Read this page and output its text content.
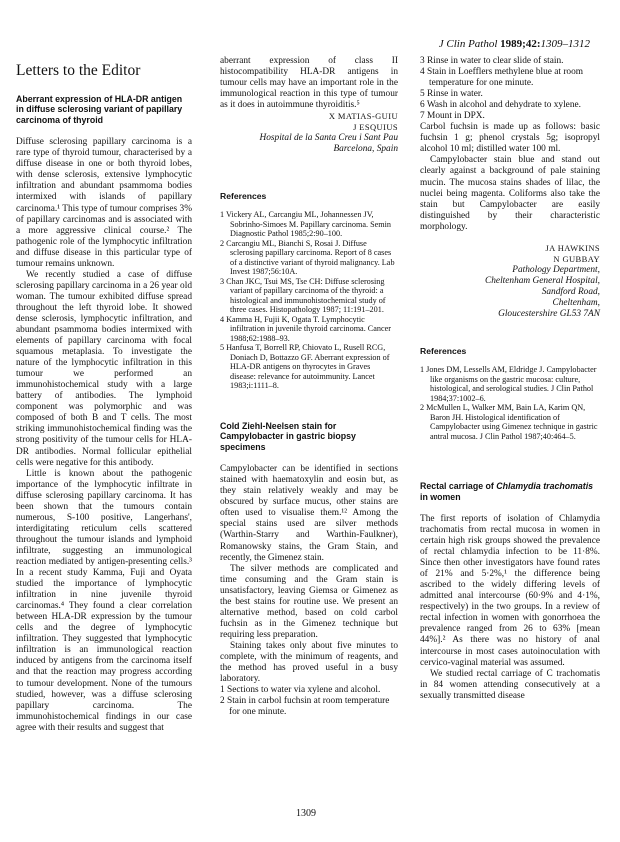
J Clin Pathol 1989;42:1309–1312
Letters to the Editor
Aberrant expression of HLA-DR antigen in diffuse sclerosing variant of papillary carcinoma of thyroid

Diffuse sclerosing papillary carcinoma is a rare type of thyroid tumour, characterised by a diffuse disease in one or both thyroid lobes, with dense sclerosis, extensive lymphocytic infiltration and abundant psammoma bodies intermixed with islands of papillary carcinoma.¹ This type of tumour comprises 3% of papillary carcinomas and is associated with a more aggressive clinical course.² The pathogenic role of the lymphocytic infiltration and diffuse disease in this particular type of tumour remains unknown.

We recently studied a case of diffuse sclerosing papillary carcinoma in a 26 year old woman. The tumour exhibited diffuse spread throughout the left thyroid lobe. It showed dense sclerosis, lymphocytic infiltration, and abundant psammoma bodies intermixed with elements of papillary carcinoma with focal squamous metaplasia. To investigate the nature of the lymphocytic infiltration in this tumour we performed an immunohistochemical study with a large battery of antibodies. The lymphoid component was polymorphic and was composed of both B and T cells. The most striking immunohistochemical finding was the strong positivity of the tumour cells for HLA-DR antibodies. Normal follicular epithelial cells were negative for this antibody.

Little is known about the pathogenic importance of the lymphocytic infiltrate in diffuse sclerosing papillary carcinoma. It has been shown that the tumours contain numerous, S-100 positive, Langerhans', interdigitating reticulum cells scattered throughout the tumour islands and lymphoid infiltrate, suggesting an immunological reaction mediated by antigen-presenting cells.³ In a recent study Kamma, Fuji and Oyata studied the importance of lymphocytic infiltration in nine juvenile thyroid carcinomas.⁴ They found a clear correlation between HLA-DR expression by the tumour cells and the degree of lymphocytic infiltration. They suggested that lymphocytic infiltration is an immunological reaction induced by antigens from the carcinoma itself and that the reaction may progress according to tumour development. None of the tumours studied, however, was a diffuse sclerosing papillary carcinoma. The immunohistochemical findings in our case agree with their results and suggest that

aberrant expression of class II histocompatibility HLA-DR antigens in tumour cells may have an important role in the immunological reaction in this type of tumour as it does in autoimmune thyroiditis.⁵

X MATIAS-GUIU
J ESQUIUS
Hospital de la Santa Creu i Sant Pau
Barcelona, Spain
References

1 Vickery AL, Carcangiu ML, Johannessen JV, Sobrinho-Simoes M. Papillary carcinoma. Semin Diagnostic Pathol 1985;2:90–100.

2 Carcangiu ML, Bianchi S, Rosai J. Diffuse sclerosing papillary carcinoma. Report of 8 cases of a distinctive variant of thyroid malignancy. Lab Invest 1987;56:10A.

3 Chan JKC, Tsui MS, Tse CH: Diffuse sclerosing variant of papillary carcinoma of the thyroid: a histological and immunohistochemical study of three cases. Histopathology 1987; 11:191–201.

4 Kamma H, Fujii K, Ogata T. Lymphocytic infiltration in juvenile thyroid carcinoma. Cancer 1988;62:1988–93.

5 Hanfusa T, Borrell RP, Chiovato L, Rusell RCG, Doniach D, Bottazzo GF. Aberrant expression of HLA-DR antigens on thyrocytes in Graves disease: relevance for autoimmunity. Lancet 1983;i:1111–8.

Cold Ziehl-Neelsen stain for Campylobacter in gastric biopsy specimens

Campylobacter can be identified in sections stained with haematoxylin and eosin but, as they stain relatively weakly and may be obscured by surface mucus, other stains are often used to visualise them.¹² Among the special stains used are silver methods (Warthin-Starry and Warthin-Faulkner), Romanowsky stains, the Gram Stain, and recently, the Gimenez stain.

The silver methods are complicated and time consuming and the Gram stain is unsatisfactory, leaving Giemsa or Gimenez as the best stains for routine use. We present an alternative method, based on cold carbol fuchsin as in the Gimenez technique but requiring less preparation.

Staining takes only about five minutes to complete, with the minimum of reagents, and the method has proved useful in a busy laboratory.

1 Sections to water via xylene and alcohol.

2 Stain in carbol fuchsin at room temperature for one minute.

3 Rinse in water to clear slide of stain.

4 Stain in Loefflers methylene blue at room temperature for one minute.

5 Rinse in water.

6 Wash in alcohol and dehydrate to xylene.

7 Mount in DPX.

Carbol fuchsin is made up as follows: basic fuchsin 1 g; phenol crystals 5g; isopropyl alcohol 10 ml; distilled water 100 ml.

Campylobacter stain blue and stand out clearly against a background of pale staining mucin. The mucosa stains shades of lilac, the nuclei being magenta. Coliforms also take the stain but Campylobacter are easily distinguished by their characteristic morphology.

JA HAWKINS
N GUBBAY
Pathology Department,
Cheltenham General Hospital,
Sandford Road,
Cheltenham,
Gloucestershire GL53 7AN
References

1 Jones DM, Lessells AM, Eldridge J. Campylobacter like organisms on the gastric mucosa: culture, histological, and serological studies. J Clin Pathol 1984;37:1002–6.

2 McMullen L, Walker MM, Bain LA, Karim QN, Baron JH. Histological identification of Campylobacter using Gimenez technique in gastric antral mucosa. J Clin Pathol 1987;40:464–5.

Rectal carriage of Chlamydia trachomatis in women

The first reports of isolation of Chlamydia trachomatis from rectal mucosa in women in certain high risk groups showed the prevalence of rectal chlamydia infection to be 11·8%. Since then other investigators have found rates of 21% and 5·2%,¹ the difference being ascribed to the widely differing levels of admitted anal intercourse (60·9% and 4·1%, respectively) in the two groups. In a review of rectal infection in women with gonorrhoea the prevalence ranged from 26 to 63% [mean 44%].² As there was no history of anal intercourse in most cases autoinoculation with cervico-vaginal material was assumed.

We studied rectal carriage of C trachomatis in 84 women attending consecutively at a sexually transmitted disease

1309
